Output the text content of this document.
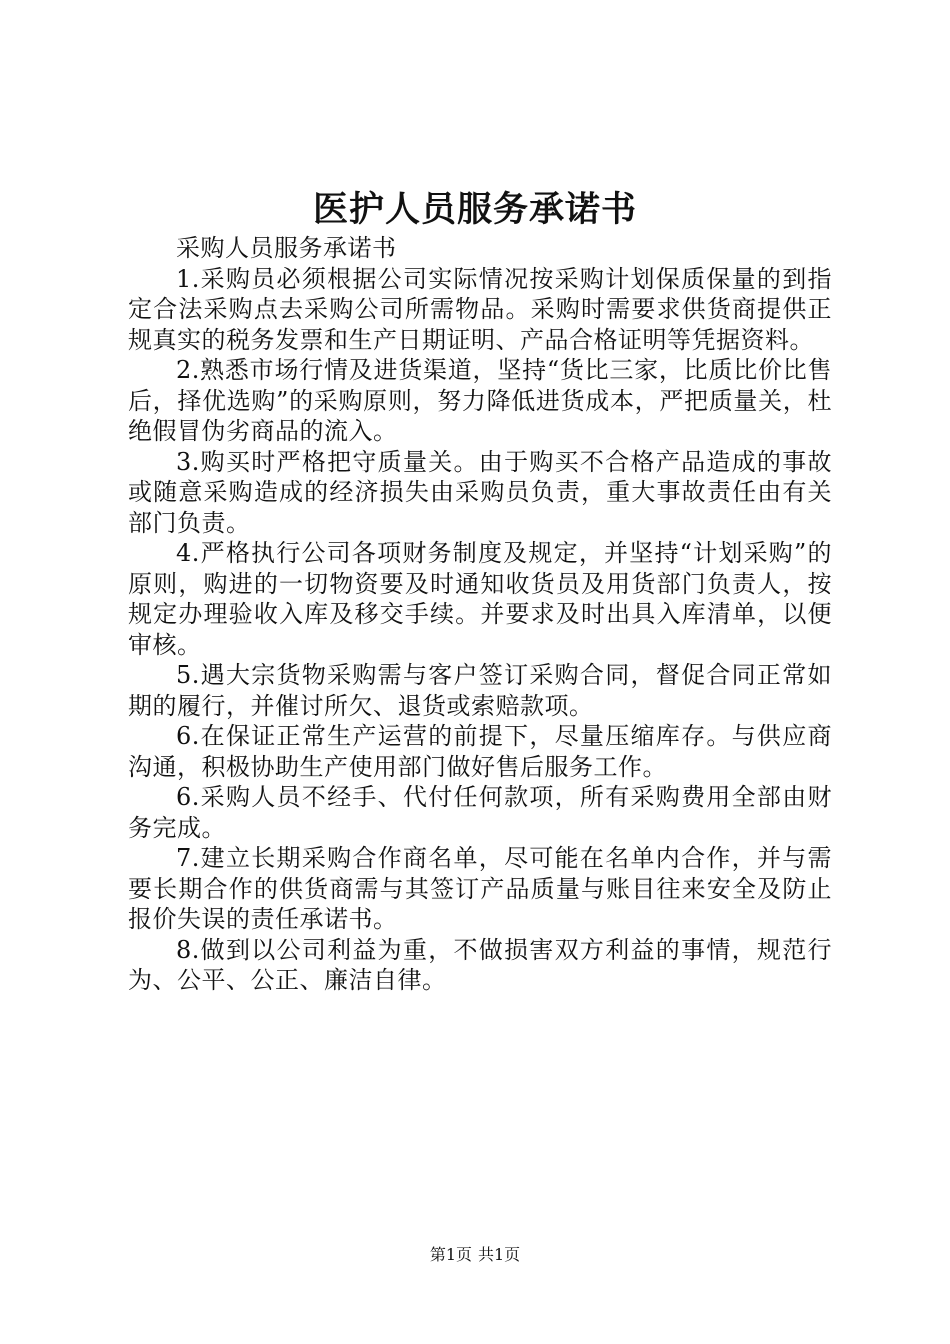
医护人员服务承诺书

采购人员服务承诺书

1.采购员必须根据公司实际情况按采购计划保质保量的到指定合法采购点去采购公司所需物品。采购时需要求供货商提供正规真实的税务发票和生产日期证明、产品合格证明等凭据资料。

2.熟悉市场行情及进货渠道，坚持“货比三家，比质比价比售后，择优选购”的采购原则，努力降低进货成本，严把质量关，杜绝假冒伪劣商品的流入。

3.购买时严格把守质量关。由于购买不合格产品造成的事故或随意采购造成的经济损失由采购员负责，重大事故责任由有关部门负责。

4.严格执行公司各项财务制度及规定，并坚持“计划采购”的原则，购进的一切物资要及时通知收货员及用货部门负责人，按规定办理验收入库及移交手续。并要求及时出具入库清单，以便审核。

5.遇大宗货物采购需与客户签订采购合同，督促合同正常如期的履行，并催讨所欠、退货或索赔款项。

6.在保证正常生产运营的前提下，尽量压缩库存。与供应商沟通，积极协助生产使用部门做好售后服务工作。

6.采购人员不经手、代付任何款项，所有采购费用全部由财务完成。

7.建立长期采购合作商名单，尽可能在名单内合作，并与需要长期合作的供货商需与其签订产品质量与账目往来安全及防止报价失误的责任承诺书。

8.做到以公司利益为重，不做损害双方利益的事情，规范行为、公平、公正、廉洁自律。

第1页 共1页
